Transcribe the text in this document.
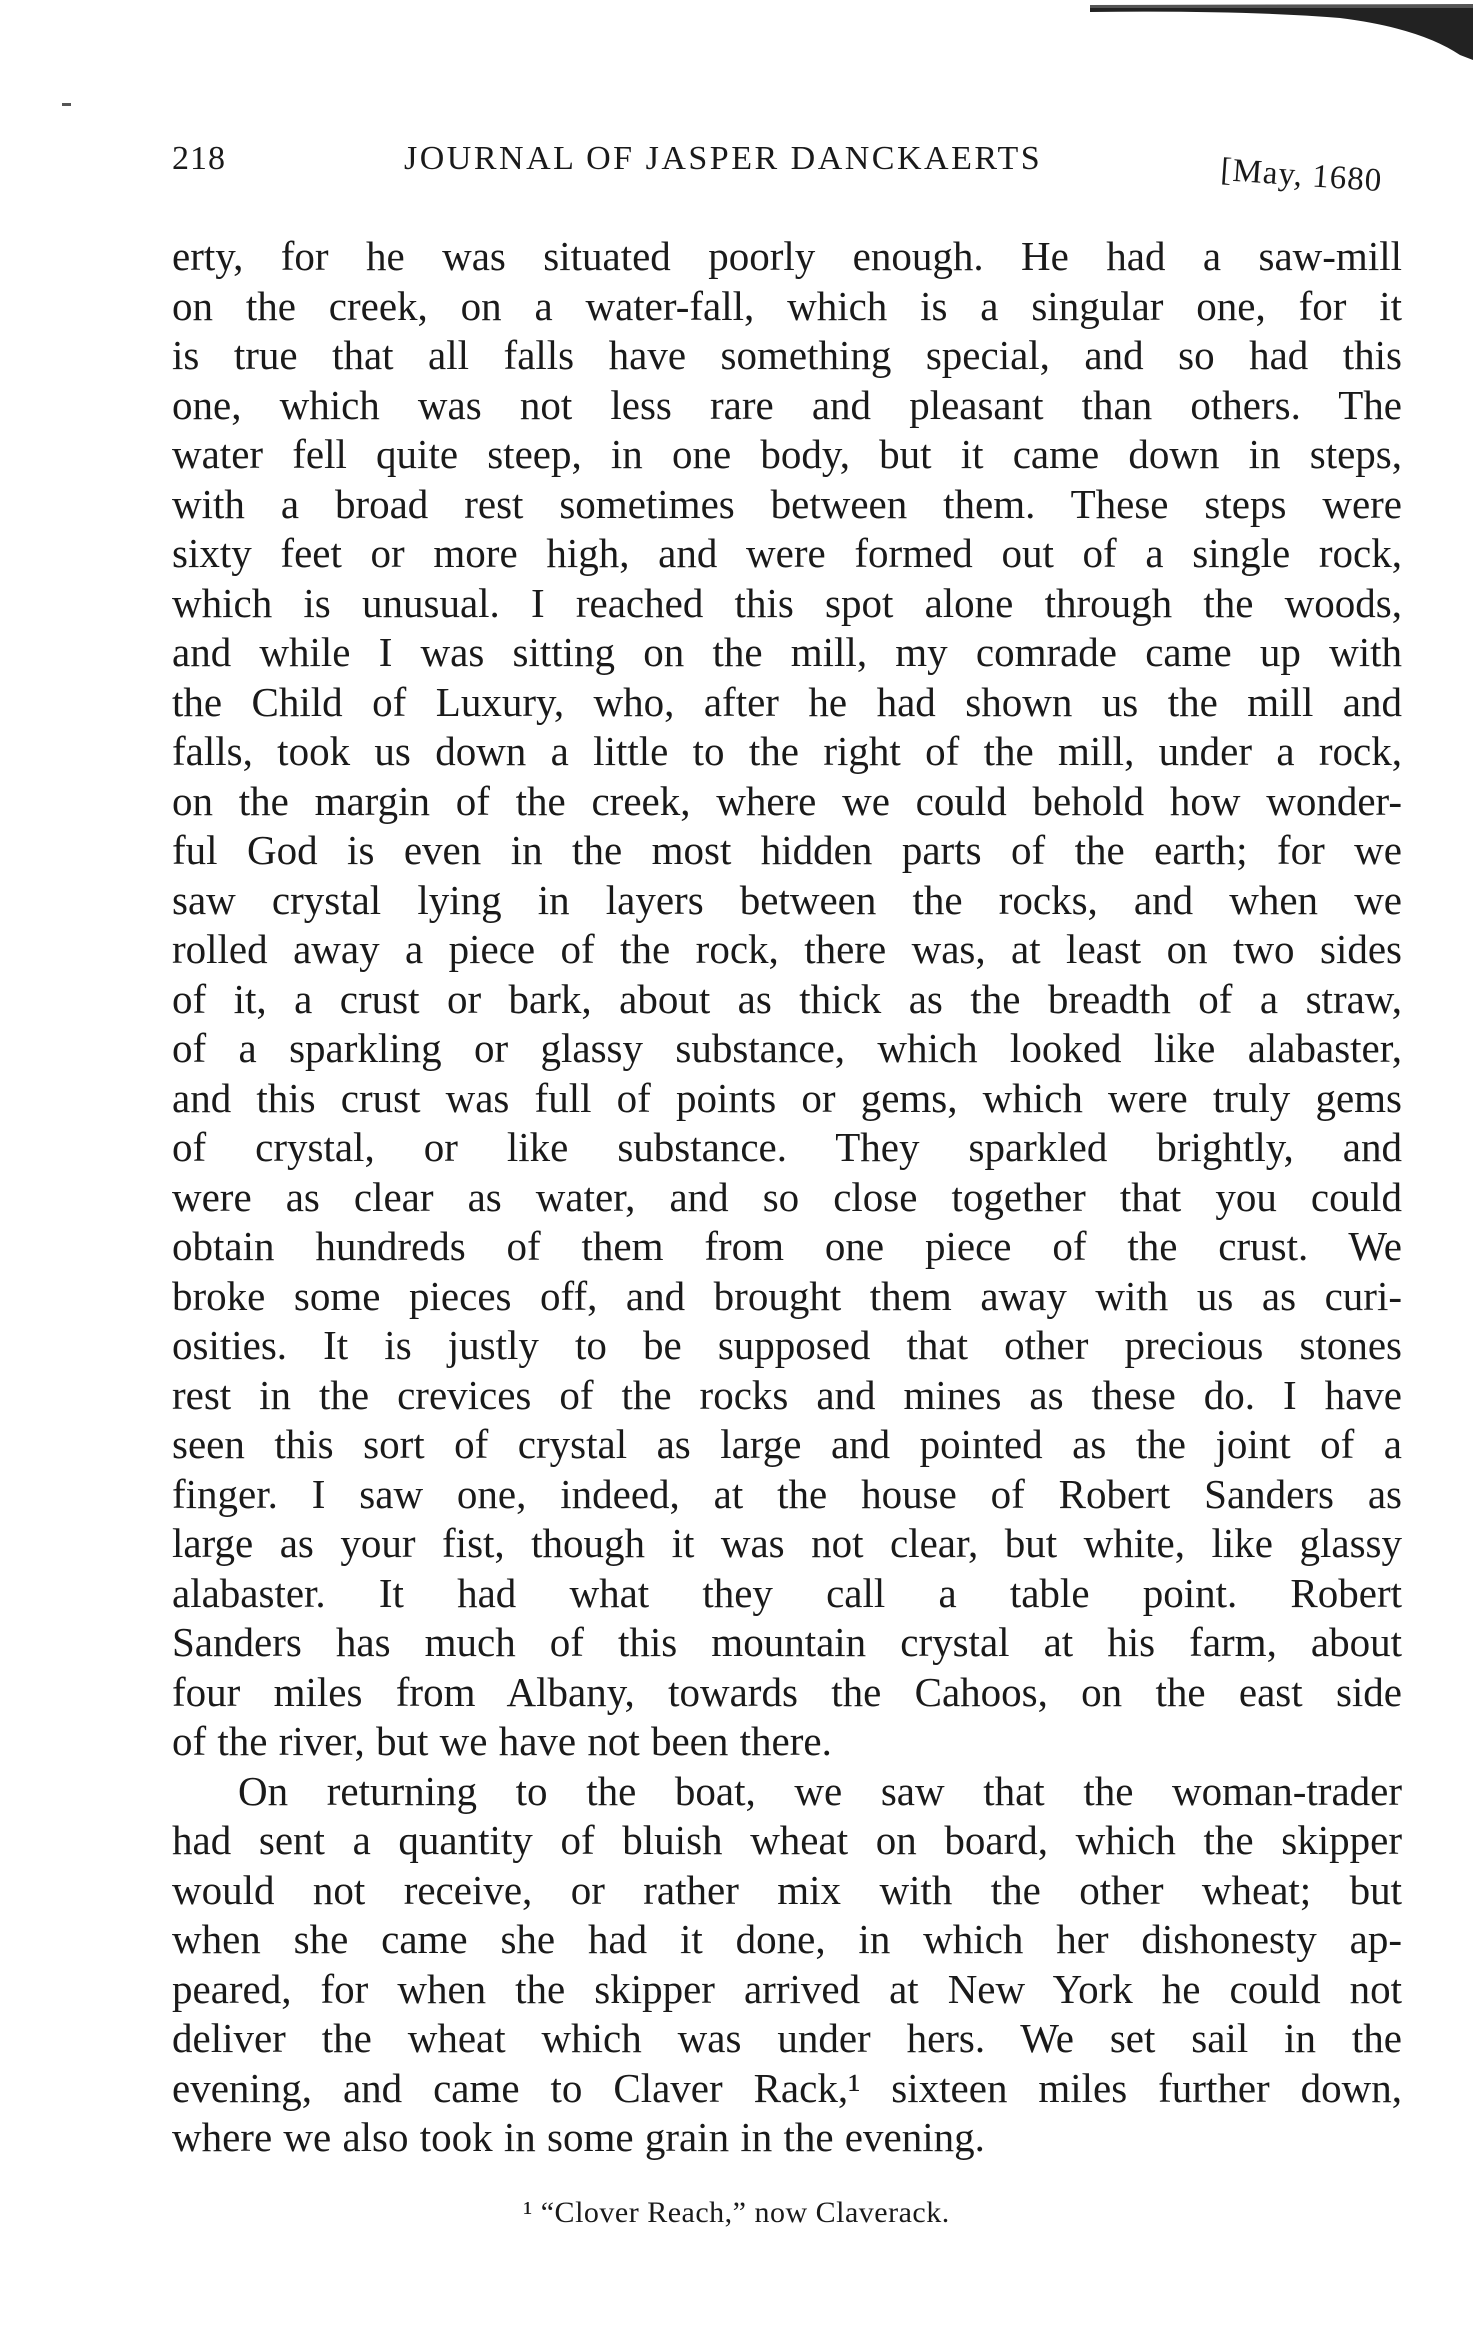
218	JOURNAL OF JASPER DANCKAERTS	[May, 1680
erty, for he was situated poorly enough. He had a saw-mill
on the creek, on a water-fall, which is a singular one, for it
is true that all falls have something special, and so had this
one, which was not less rare and pleasant than others. The
water fell quite steep, in one body, but it came down in steps,
with a broad rest sometimes between them. These steps were
sixty feet or more high, and were formed out of a single rock,
which is unusual. I reached this spot alone through the woods,
and while I was sitting on the mill, my comrade came up with
the Child of Luxury, who, after he had shown us the mill and
falls, took us down a little to the right of the mill, under a rock,
on the margin of the creek, where we could behold how wonder-
ful God is even in the most hidden parts of the earth; for we
saw crystal lying in layers between the rocks, and when we
rolled away a piece of the rock, there was, at least on two sides
of it, a crust or bark, about as thick as the breadth of a straw,
of a sparkling or glassy substance, which looked like alabaster,
and this crust was full of points or gems, which were truly gems
of crystal, or like substance. They sparkled brightly, and
were as clear as water, and so close together that you could
obtain hundreds of them from one piece of the crust. We
broke some pieces off, and brought them away with us as curi-
osities. It is justly to be supposed that other precious stones
rest in the crevices of the rocks and mines as these do. I have
seen this sort of crystal as large and pointed as the joint of a
finger. I saw one, indeed, at the house of Robert Sanders as
large as your fist, though it was not clear, but white, like glassy
alabaster. It had what they call a table point. Robert
Sanders has much of this mountain crystal at his farm, about
four miles from Albany, towards the Cahoos, on the east side
of the river, but we have not been there.
On returning to the boat, we saw that the woman-trader
had sent a quantity of bluish wheat on board, which the skipper
would not receive, or rather mix with the other wheat; but
when she came she had it done, in which her dishonesty ap-
peared, for when the skipper arrived at New York he could not
deliver the wheat which was under hers. We set sail in the
evening, and came to Claver Rack,¹ sixteen miles further down,
where we also took in some grain in the evening.
¹ “Clover Reach,” now Claverack.
